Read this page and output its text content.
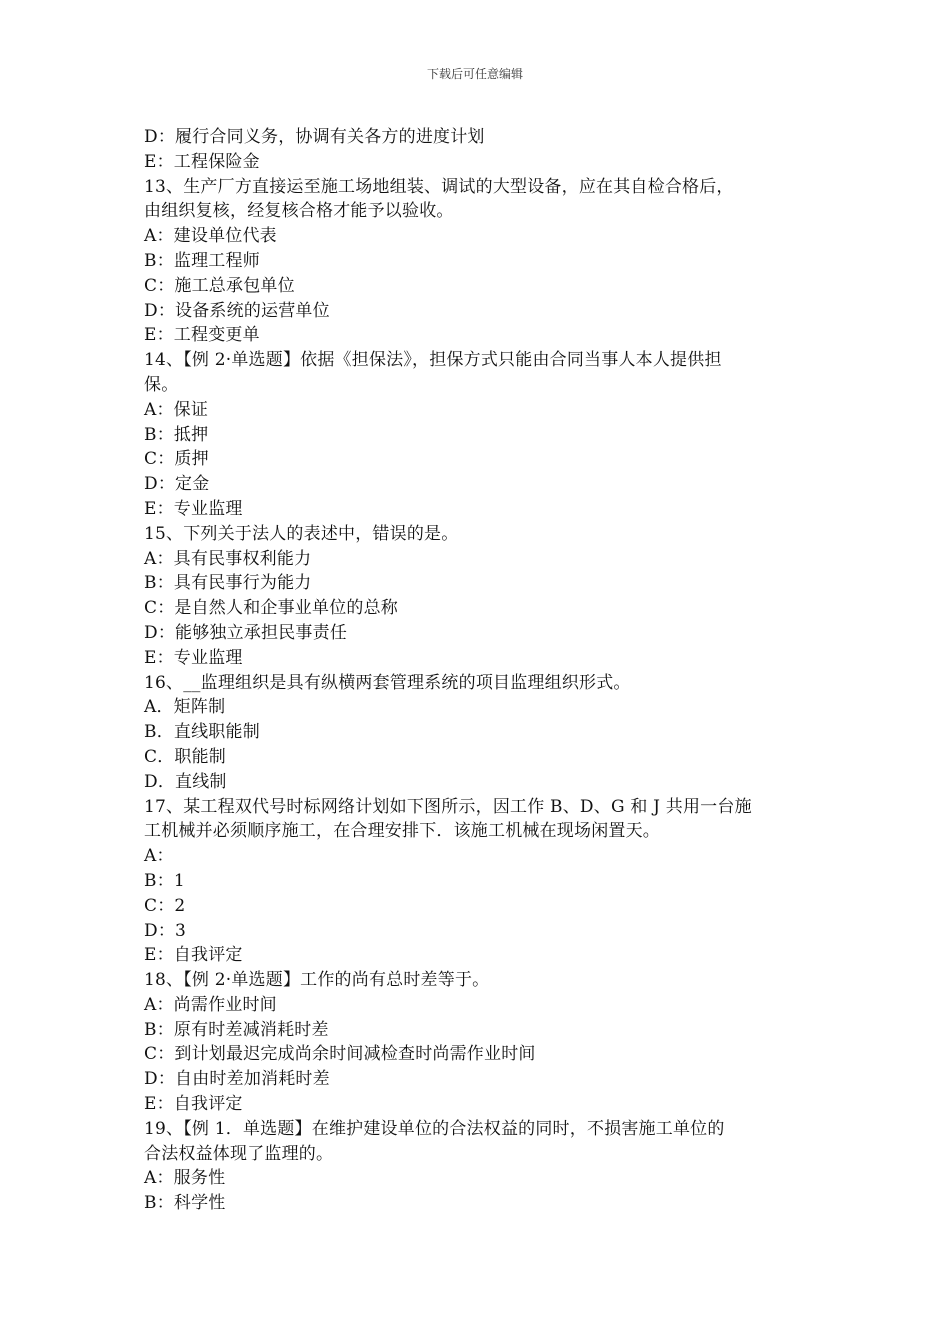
下载后可任意编辑
D：履行合同义务，协调有关各方的进度计划
E：工程保险金
13、生产厂方直接运至施工场地组装、调试的大型设备，应在其自检合格后，
由组织复核，经复核合格才能予以验收。
A：建设单位代表
B：监理工程师
C：施工总承包单位
D：设备系统的运营单位
E：工程变更单
14、【例 2·单选题】依据《担保法》，担保方式只能由合同当事人本人提供担
保。
A：保证
B：抵押
C：质押
D：定金
E：专业监理
15、下列关于法人的表述中，错误的是。
A：具有民事权利能力
B：具有民事行为能力
C：是自然人和企事业单位的总称
D：能够独立承担民事责任
E：专业监理
16、__监理组织是具有纵横两套管理系统的项目监理组织形式。
A．矩阵制
B．直线职能制
C．职能制
D．直线制
17、某工程双代号时标网络计划如下图所示，因工作 B、D、G 和 J 共用一台施
工机械并必须顺序施工，在合理安排下．该施工机械在现场闲置天。
A：
B：1
C：2
D：3
E：自我评定
18、【例 2·单选题】工作的尚有总时差等于。
A：尚需作业时间
B：原有时差减消耗时差
C：到计划最迟完成尚余时间减检查时尚需作业时间
D：自由时差加消耗时差
E：自我评定
19、【例 1．单选题】在维护建设单位的合法权益的同时，不损害施工单位的
合法权益体现了监理的。
A：服务性
B：科学性
